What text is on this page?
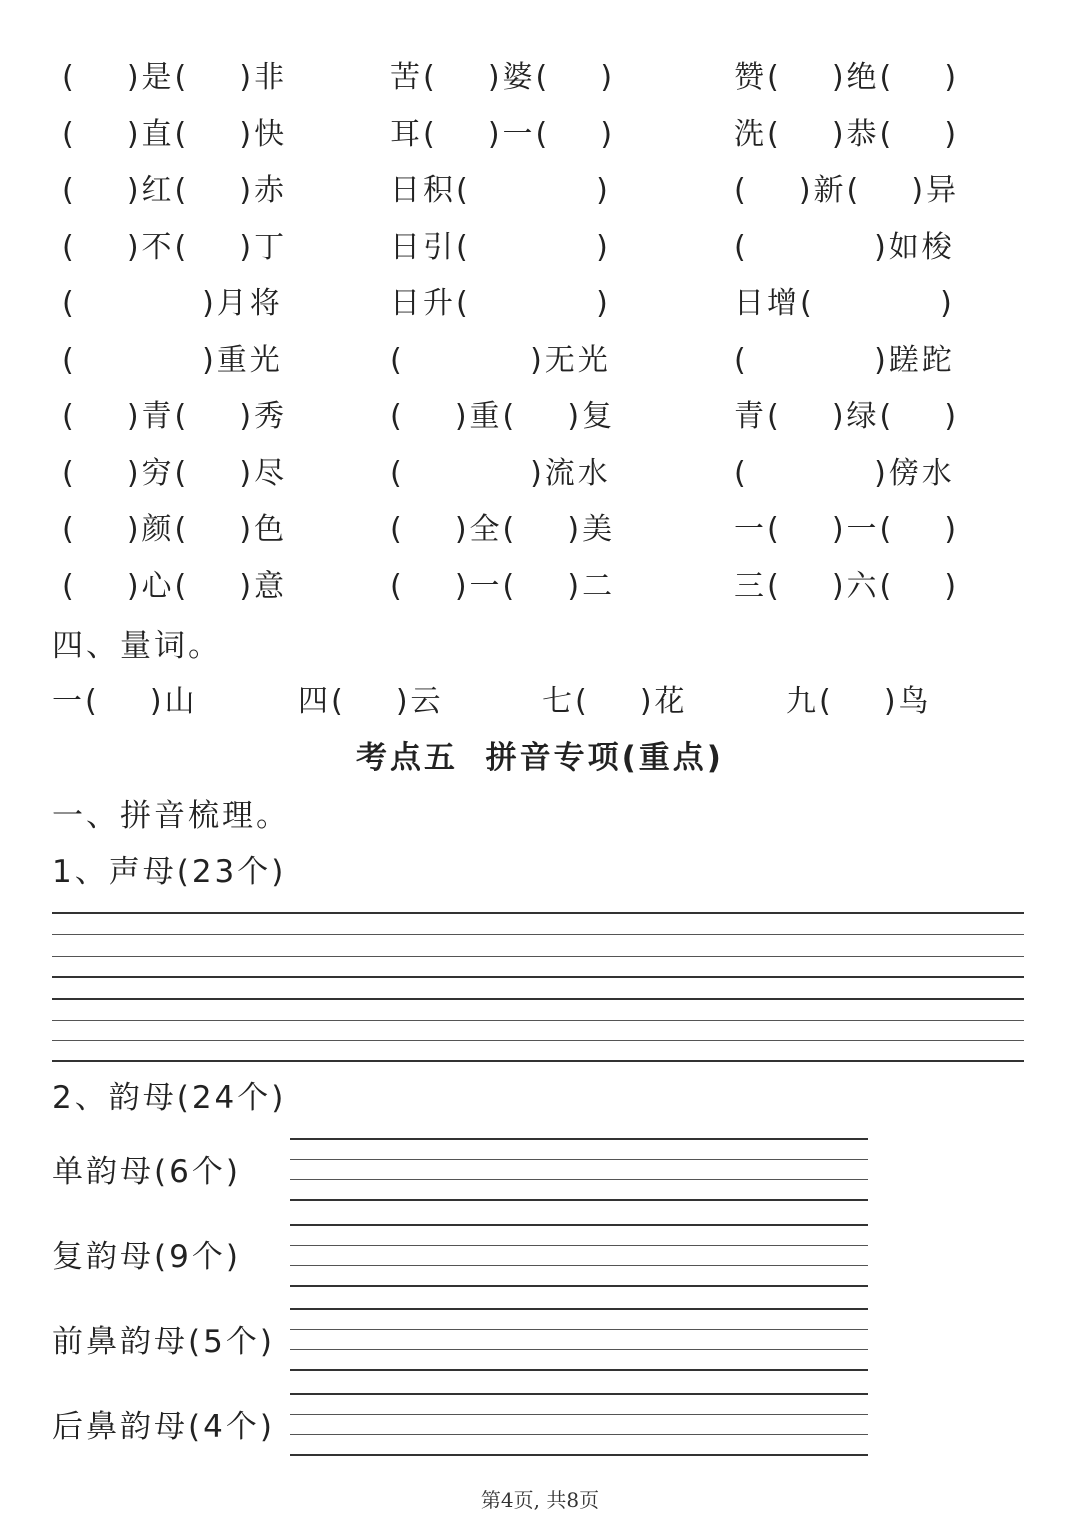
(    )是(    )非	苦(    )婆(    )	赞(    )绝(    )
(    )直(    )快	耳(    )一(    )	洗(    )恭(    )
(    )红(    )赤	日积(          )	(    )新(    )异
(    )不(    )丁	日引(          )	(          )如梭
(          )月将	日升(          )	日增(          )
(          )重光	(          )无光	(          )蹉跎
(    )青(    )秀	(    )重(    )复	青(    )绿(    )
(    )穷(    )尽	(          )流水	(          )傍水
(    )颜(    )色	(    )全(    )美	一(    )一(    )
(    )心(    )意	(    )一(    )二	三(    )六(    )
四、量词。
一(    )山	四(    )云	七(    )花	九(    )鸟
考点五  拼音专项(重点)
一、拼音梳理。
1、声母(23个)
2、韵母(24个)
单韵母(6个)
复韵母(9个)
前鼻韵母(5个)
后鼻韵母(4个)
第4页, 共8页
